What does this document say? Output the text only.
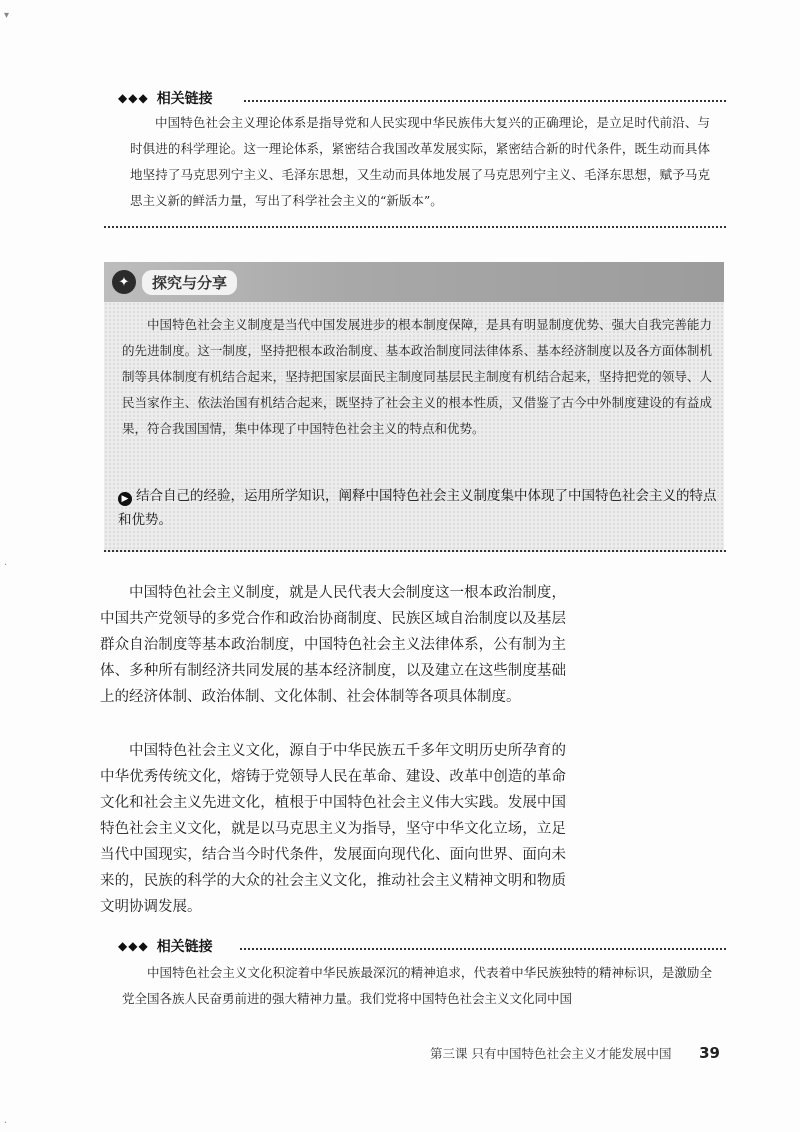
▾
◆◆◆ 相关链接
中国特色社会主义理论体系是指导党和人民实现中华民族伟大复兴的正确理论，是立足时代前沿、与时俱进的科学理论。这一理论体系，紧密结合我国改革发展实际，紧密结合新的时代条件，既生动而具体地坚持了马克思列宁主义、毛泽东思想，又生动而具体地发展了马克思列宁主义、毛泽东思想，赋予马克思主义新的鲜活力量，写出了科学社会主义的“新版本”。
✦	探究与分享
中国特色社会主义制度是当代中国发展进步的根本制度保障，是具有明显制度优势、强大自我完善能力的先进制度。这一制度，坚持把根本政治制度、基本政治制度同法律体系、基本经济制度以及各方面体制机制等具体制度有机结合起来，坚持把国家层面民主制度同基层民主制度有机结合起来，坚持把党的领导、人民当家作主、依法治国有机结合起来，既坚持了社会主义的根本性质，又借鉴了古今中外制度建设的有益成果，符合我国国情，集中体现了中国特色社会主义的特点和优势。
▶ 结合自己的经验，运用所学知识，阐释中国特色社会主义制度集中体现了中国特色社会主义的特点和优势。
中国特色社会主义制度，就是人民代表大会制度这一根本政治制度，中国共产党领导的多党合作和政治协商制度、民族区域自治制度以及基层群众自治制度等基本政治制度，中国特色社会主义法律体系，公有制为主体、多种所有制经济共同发展的基本经济制度，以及建立在这些制度基础上的经济体制、政治体制、文化体制、社会体制等各项具体制度。
中国特色社会主义文化，源自于中华民族五千多年文明历史所孕育的中华优秀传统文化，熔铸于党领导人民在革命、建设、改革中创造的革命文化和社会主义先进文化，植根于中国特色社会主义伟大实践。发展中国特色社会主义文化，就是以马克思主义为指导，坚守中华文化立场，立足当代中国现实，结合当今时代条件，发展面向现代化、面向世界、面向未来的，民族的科学的大众的社会主义文化，推动社会主义精神文明和物质文明协调发展。
◆◆◆ 相关链接
中国特色社会主义文化积淀着中华民族最深沉的精神追求，代表着中华民族独特的精神标识，是激励全党全国各族人民奋勇前进的强大精神力量。我们党将中国特色社会主义文化同中国
第三课 只有中国特色社会主义才能发展中国 39
·
·
